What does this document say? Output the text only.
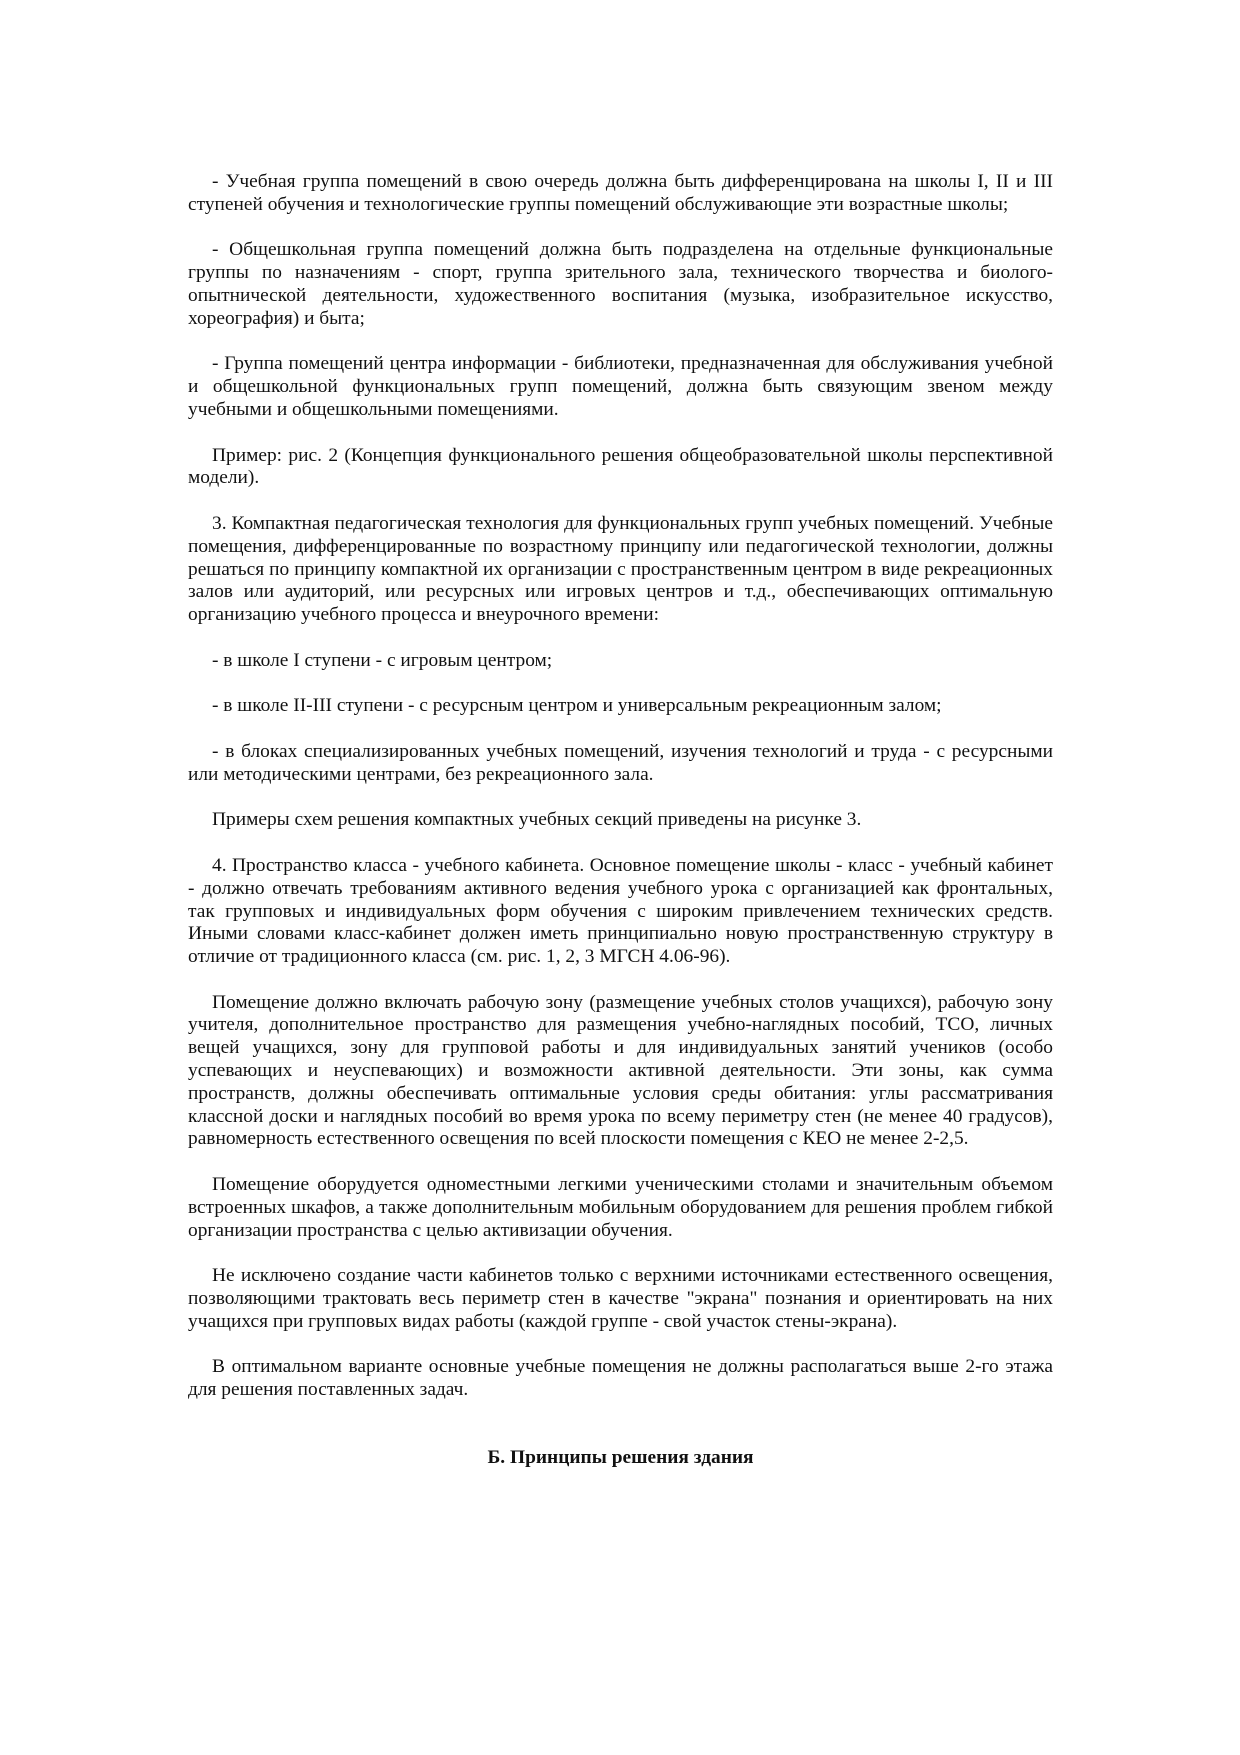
- Учебная группа помещений в свою очередь должна быть дифференцирована на школы I, II и III ступеней обучения и технологические группы помещений обслуживающие эти возрастные школы;

- Общешкольная группа помещений должна быть подразделена на отдельные функциональные группы по назначениям - спорт, группа зрительного зала, технического творчества и биолого-опытнической деятельности, художественного воспитания (музыка, изобразительное искусство, хореография) и быта;

- Группа помещений центра информации - библиотеки, предназначенная для обслуживания учебной и общешкольной функциональных групп помещений, должна быть связующим звеном между учебными и общешкольными помещениями.

Пример: рис. 2 (Концепция функционального решения общеобразовательной школы перспективной модели).

3. Компактная педагогическая технология для функциональных групп учебных помещений. Учебные помещения, дифференцированные по возрастному принципу или педагогической технологии, должны решаться по принципу компактной их организации с пространственным центром в виде рекреационных залов или аудиторий, или ресурсных или игровых центров и т.д., обеспечивающих оптимальную организацию учебного процесса и внеурочного времени:

- в школе I ступени - с игровым центром;

- в школе II-III ступени - с ресурсным центром и универсальным рекреационным залом;

- в блоках специализированных учебных помещений, изучения технологий и труда - с ресурсными или методическими центрами, без рекреационного зала.

Примеры схем решения компактных учебных секций приведены на рисунке 3.

4. Пространство класса - учебного кабинета. Основное помещение школы - класс - учебный кабинет - должно отвечать требованиям активного ведения учебного урока с организацией как фронтальных, так групповых и индивидуальных форм обучения с широким привлечением технических средств. Иными словами класс-кабинет должен иметь принципиально новую пространственную структуру в отличие от традиционного класса (см. рис. 1, 2, 3 МГСН 4.06-96).

Помещение должно включать рабочую зону (размещение учебных столов учащихся), рабочую зону учителя, дополнительное пространство для размещения учебно-наглядных пособий, ТСО, личных вещей учащихся, зону для групповой работы и для индивидуальных занятий учеников (особо успевающих и неуспевающих) и возможности активной деятельности. Эти зоны, как сумма пространств, должны обеспечивать оптимальные условия среды обитания: углы рассматривания классной доски и наглядных пособий во время урока по всему периметру стен (не менее 40 градусов), равномерность естественного освещения по всей плоскости помещения с КЕО не менее 2-2,5.

Помещение оборудуется одноместными легкими ученическими столами и значительным объемом встроенных шкафов, а также дополнительным мобильным оборудованием для решения проблем гибкой организации пространства с целью активизации обучения.

Не исключено создание части кабинетов только с верхними источниками естественного освещения, позволяющими трактовать весь периметр стен в качестве "экрана" познания и ориентировать на них учащихся при групповых видах работы (каждой группе - свой участок стены-экрана).

В оптимальном варианте основные учебные помещения не должны располагаться выше 2-го этажа для решения поставленных задач.

Б. Принципы решения здания
